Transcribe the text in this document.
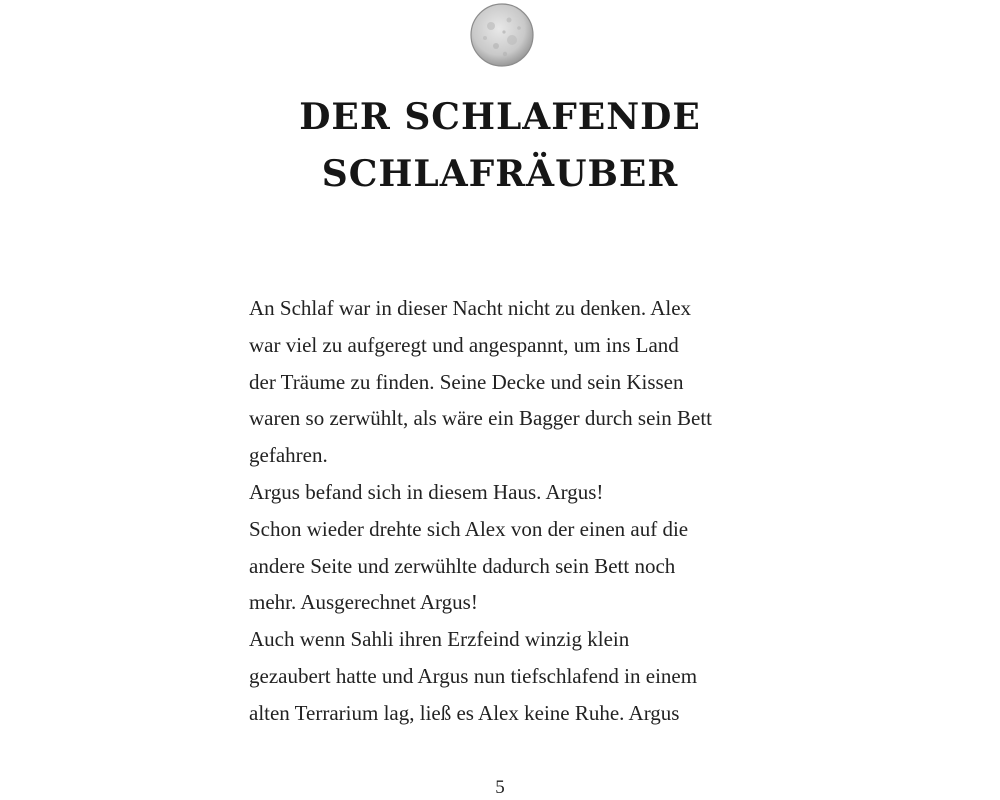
DER SCHLAFENDE
SCHLAFRÄUBER
An Schlaf war in dieser Nacht nicht zu denken. Alex
war viel zu aufgeregt und angespannt, um ins Land
der Träume zu finden. Seine Decke und sein Kissen
waren so zerwühlt, als wäre ein Bagger durch sein Bett
gefahren.
Argus befand sich in diesem Haus. Argus!
Schon wieder drehte sich Alex von der einen auf die
andere Seite und zerwühlte dadurch sein Bett noch
mehr. Ausgerechnet Argus!
Auch wenn Sahli ihren Erzfeind winzig klein
gezaubert hatte und Argus nun tiefschlafend in einem
alten Terrarium lag, ließ es Alex keine Ruhe. Argus
5
